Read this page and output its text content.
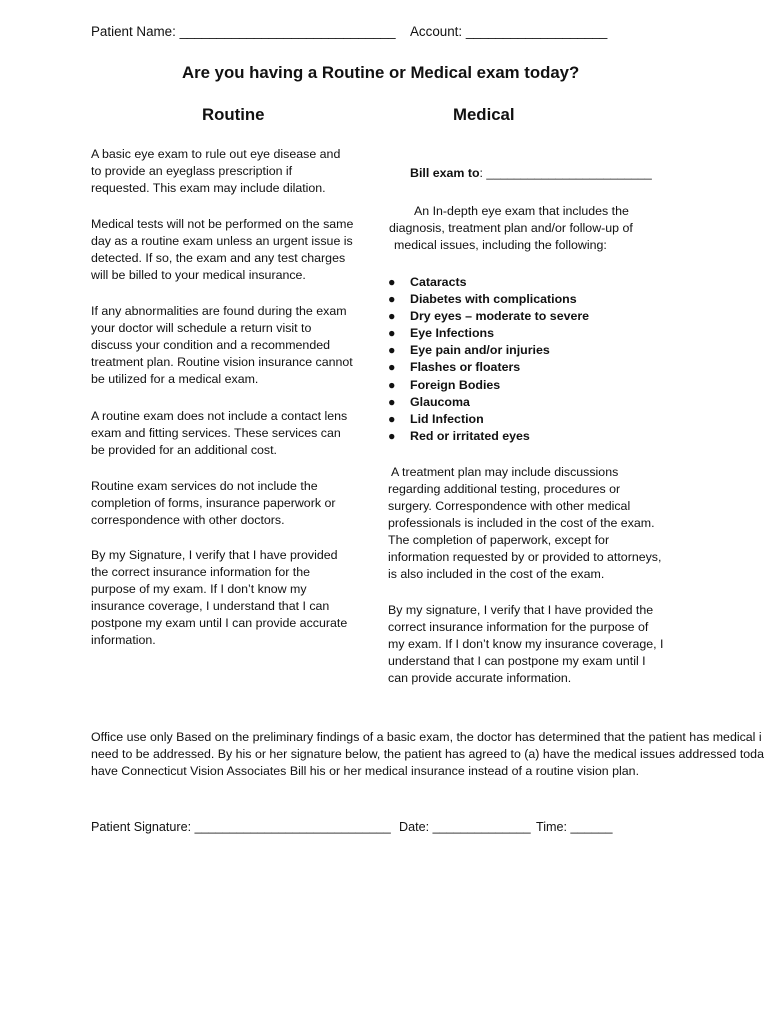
Patient Name: _____________________________ Account: ___________________
Are you having a Routine or Medical exam today?
Routine	Medical
A basic eye exam to rule out eye disease and
to provide an eyeglass prescription if
requested. This exam may include dilation.
Medical tests will not be performed on the same
day as a routine exam unless an urgent issue is
detected. If so, the exam and any test charges
will be billed to your medical insurance.
If any abnormalities are found during the exam
your doctor will schedule a return visit to
discuss your condition and a recommended
treatment plan. Routine vision insurance cannot
be utilized for a medical exam.
A routine exam does not include a contact lens
exam and fitting services. These services can
be provided for an additional cost.
Routine exam services do not include the
completion of forms, insurance paperwork or
correspondence with other doctors.
By my Signature, I verify that I have provided
the correct insurance information for the
purpose of my exam. If I don’t know my
insurance coverage, I understand that I can
postpone my exam until I can provide accurate
information.
Bill exam to: ________________________
An In-depth eye exam that includes the
diagnosis, treatment plan and/or follow-up of
medical issues, including the following:
● Cataracts
● Diabetes with complications
● Dry eyes – moderate to severe
● Eye Infections
● Eye pain and/or injuries
● Flashes or floaters
● Foreign Bodies
● Glaucoma
● Lid Infection
● Red or irritated eyes
A treatment plan may include discussions
regarding additional testing, procedures or
surgery. Correspondence with other medical
professionals is included in the cost of the exam.
The completion of paperwork, except for
information requested by or provided to attorneys,
is also included in the cost of the exam.
By my signature, I verify that I have provided the
correct insurance information for the purpose of
my exam. If I don’t know my insurance coverage, I
understand that I can postpone my exam until I
can provide accurate information.
Office use only Based on the preliminary findings of a basic exam, the doctor has determined that the patient has medical i
need to be addressed. By his or her signature below, the patient has agreed to (a) have the medical issues addressed toda
have Connecticut Vision Associates Bill his or her medical insurance instead of a routine vision plan.
Patient Signature: ____________________________ Date: ______________ Time: ______
